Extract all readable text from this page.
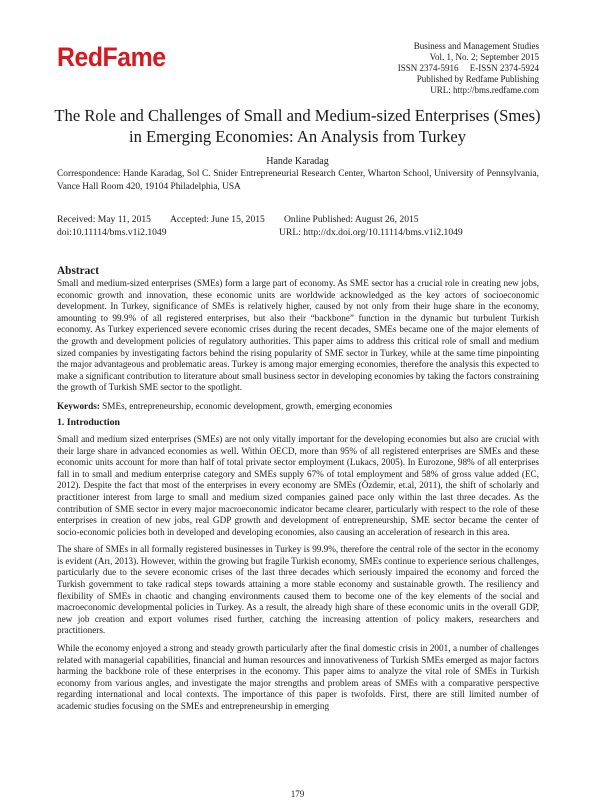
RedFame	Business and Management Studies
Vol. 1, No. 2; September 2015
ISSN 2374-5916     E-ISSN 2374-5924
Published by Redfame Publishing
URL: http://bms.redfame.com
The Role and Challenges of Small and Medium-sized Enterprises (Smes) in Emerging Economies: An Analysis from Turkey
Hande Karadag
Correspondence: Hande Karadag, Sol C. Snider Entrepreneurial Research Center, Wharton School, University of Pennsylvania, Vance Hall Room 420, 19104 Philadelphia, USA
Received: May 11, 2015	Accepted: June 15, 2015	Online Published: August 26, 2015
doi:10.11114/bms.v1i2.1049	URL: http://dx.doi.org/10.11114/bms.v1i2.1049
Abstract

Small and medium-sized enterprises (SMEs) form a large part of economy. As SME sector has a crucial role in creating new jobs, economic growth and innovation, these economic units are worldwide acknowledged as the key actors of socioeconomic development. In Turkey, significance of SMEs is relatively higher, caused by not only from their huge share in the economy, amounting to 99.9% of all registered enterprises, but also their “backbone” function in the dynamic but turbulent Turkish economy. As Turkey experienced severe economic crises during the recent decades, SMEs became one of the major elements of the growth and development policies of regulatory authorities. This paper aims to address this critical role of small and medium sized companies by investigating factors behind the rising popularity of SME sector in Turkey, while at the same time pinpointing the major advantageous and problematic areas. Turkey is among major emerging economies, therefore the analysis this expected to make a significant contribution to literature about small business sector in developing economies by taking the factors constraining the growth of Turkish SME sector to the spotlight.

Keywords: SMEs, entrepreneurship, economic development, growth, emerging economies
1. Introduction

Small and medium sized enterprises (SMEs) are not only vitally important for the developing economies but also are crucial with their large share in advanced economies as well. Within OECD, more than 95% of all registered enterprises are SMEs and these economic units account for more than half of total private sector employment (Lukacs, 2005). In Eurozone, 98% of all enterprises fall in to small and medium enterprise category and SMEs supply 67% of total employment and 58% of gross value added (EC, 2012). Despite the fact that most of the enterprises in every economy are SMEs (Özdemir, et.al, 2011), the shift of scholarly and practitioner interest from large to small and medium sized companies gained pace only within the last three decades. As the contribution of SME sector in every major macroeconomic indicator became clearer, particularly with respect to the role of these enterprises in creation of new jobs, real GDP growth and development of entrepreneurship, SME sector became the center of socio-economic policies both in developed and developing economies, also causing an acceleration of research in this area.

The share of SMEs in all formally registered businesses in Turkey is 99.9%, therefore the central role of the sector in the economy is evident (Arı, 2013). However, within the growing but fragile Turkish economy, SMEs continue to experience serious challenges, particularly due to the severe economic crises of the last three decades which seriously impaired the economy and forced the Turkish government to take radical steps towards attaining a more stable economy and sustainable growth. The resiliency and flexibility of SMEs in chaotic and changing environments caused them to become one of the key elements of the social and macroeconomic developmental policies in Turkey. As a result, the already high share of these economic units in the overall GDP, new job creation and export volumes rised further, catching the increasing attention of policy makers, researchers and practitioners.

While the economy enjoyed a strong and steady growth particularly after the final domestic crisis in 2001, a number of challenges related with managerial capabilities, financial and human resources and innovativeness of Turkish SMEs emerged as major factors harming the backbone role of these enterprises in the economy. This paper aims to analyze the vital role of SMEs in Turkish economy from various angles, and investigate the major strengths and problem areas of SMEs with a comparative perspective regarding international and local contexts. The importance of this paper is twofolds. First, there are still limited number of academic studies focusing on the SMEs and entrepreneurship in emerging

179
